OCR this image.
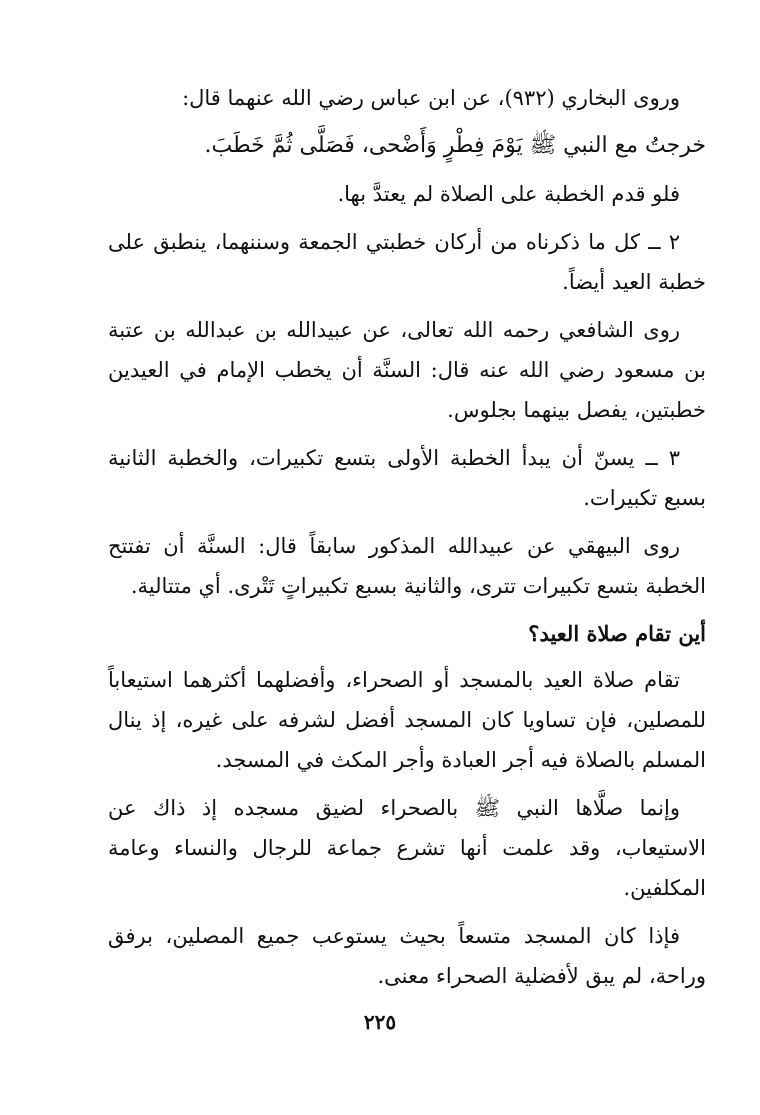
وروى البخاري (٩٣٢)، عن ابن عباس رضي الله عنهما قال:

خرجتُ مع النبي ﷺ يَوْمَ فِطْرٍ وَأَضْحى، فَصَلَّى ثُمَّ خَطَبَ.

فلو قدم الخطبة على الصلاة لم يعتدَّ بها.

٢ ــ كل ما ذكرناه من أركان خطبتي الجمعة وسننهما، ينطبق على خطبة العيد أيضاً.

روى الشافعي رحمه الله تعالى، عن عبيدالله بن عبدالله بن عتبة بن مسعود رضي الله عنه قال: السنَّة أن يخطب الإمام في العيدين خطبتين، يفصل بينهما بجلوس.

٣ ــ يسنّ أن يبدأ الخطبة الأولى بتسع تكبيرات، والخطبة الثانية بسبع تكبيرات.

روى البيهقي عن عبيدالله المذكور سابقاً قال: السنَّة أن تفتتح الخطبة بتسع تكبيرات تترى، والثانية بسبع تكبيراتٍ تَتْرى. أي متتالية.

أين تقام صلاة العيد؟

تقام صلاة العيد بالمسجد أو الصحراء، وأفضلهما أكثرهما استيعاباً للمصلين، فإن تساويا كان المسجد أفضل لشرفه على غيره، إذ ينال المسلم بالصلاة فيه أجر العبادة وأجر المكث في المسجد.

وإنما صلَّاها النبي ﷺ بالصحراء لضيق مسجده إذ ذاك عن الاستيعاب، وقد علمت أنها تشرع جماعة للرجال والنساء وعامة المكلفين.

فإذا كان المسجد متسعاً بحيث يستوعب جميع المصلين، برفق وراحة، لم يبق لأفضلية الصحراء معنى.

٢٢٥
